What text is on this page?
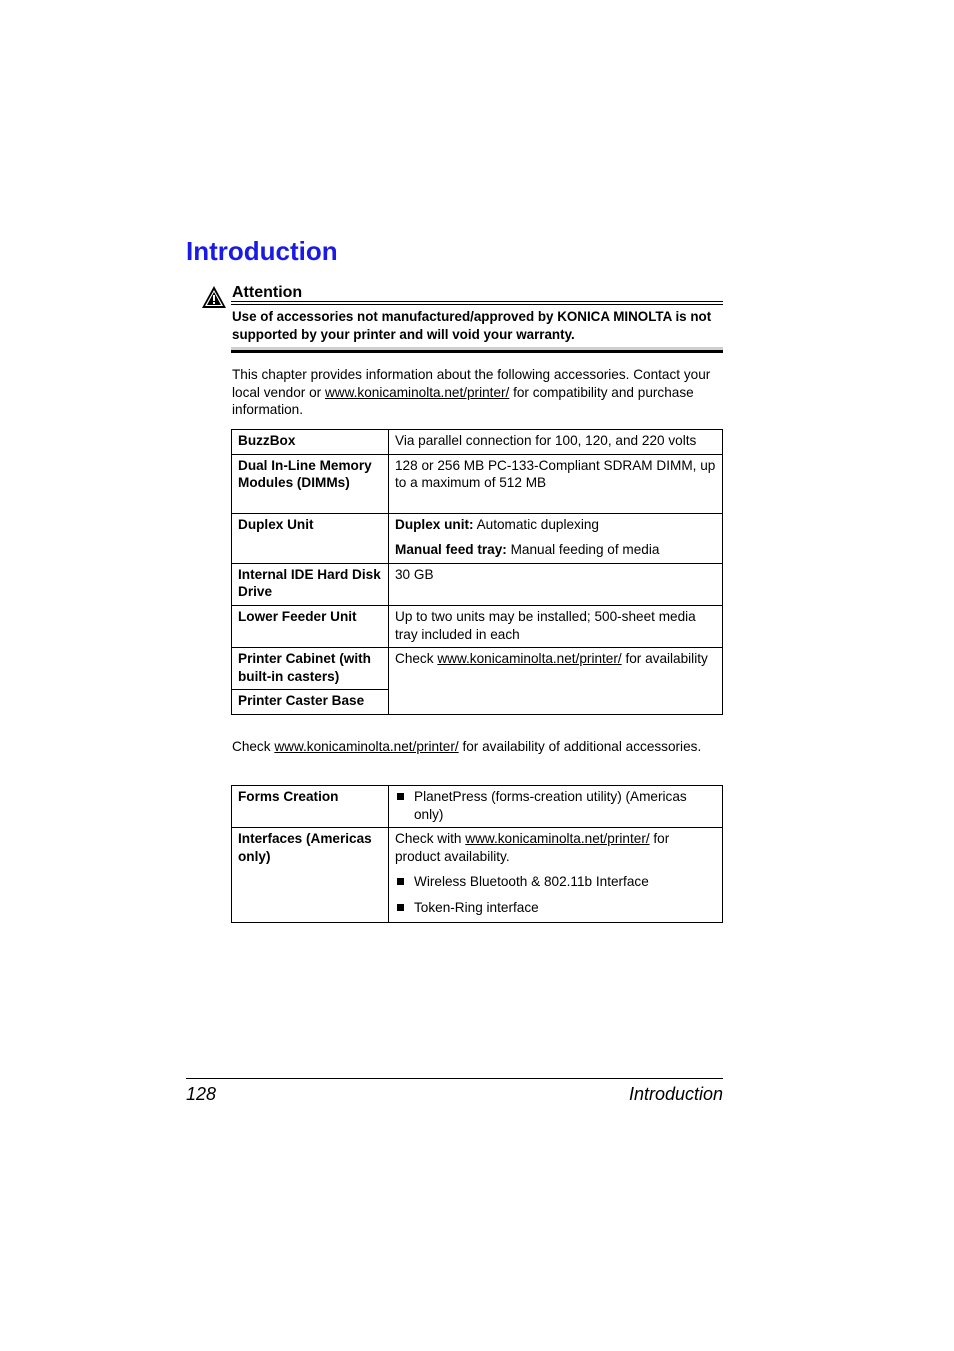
Introduction
Attention
Use of accessories not manufactured/approved by KONICA MINOLTA is not supported by your printer and will void your warranty.
This chapter provides information about the following accessories. Contact your local vendor or www.konicaminolta.net/printer/ for compatibility and purchase information.
BuzzBox	Via parallel connection for 100, 120, and 220 volts
Dual In-Line Memory Modules (DIMMs)	128 or 256 MB PC-133-Compliant SDRAM DIMM, up to a maximum of 512 MB
Duplex Unit	Duplex unit: Automatic duplexing
Manual feed tray: Manual feeding of media

Internal IDE Hard Disk Drive	30 GB
Lower Feeder Unit	Up to two units may be installed; 500-sheet media tray included in each
Printer Cabinet (with built-in casters)	Check www.konicaminolta.net/printer/ for availability
Printer Caster Base	
Check www.konicaminolta.net/printer/ for availability of additional accessories.
Forms Creation	PlanetPress (forms-creation utility) (Americas only)

Interfaces (Americas only)	Check with www.konicaminolta.net/printer/ for product availability.
Wireless Bluetooth & 802.11b Interface
Token-Ring interface
128	Introduction
